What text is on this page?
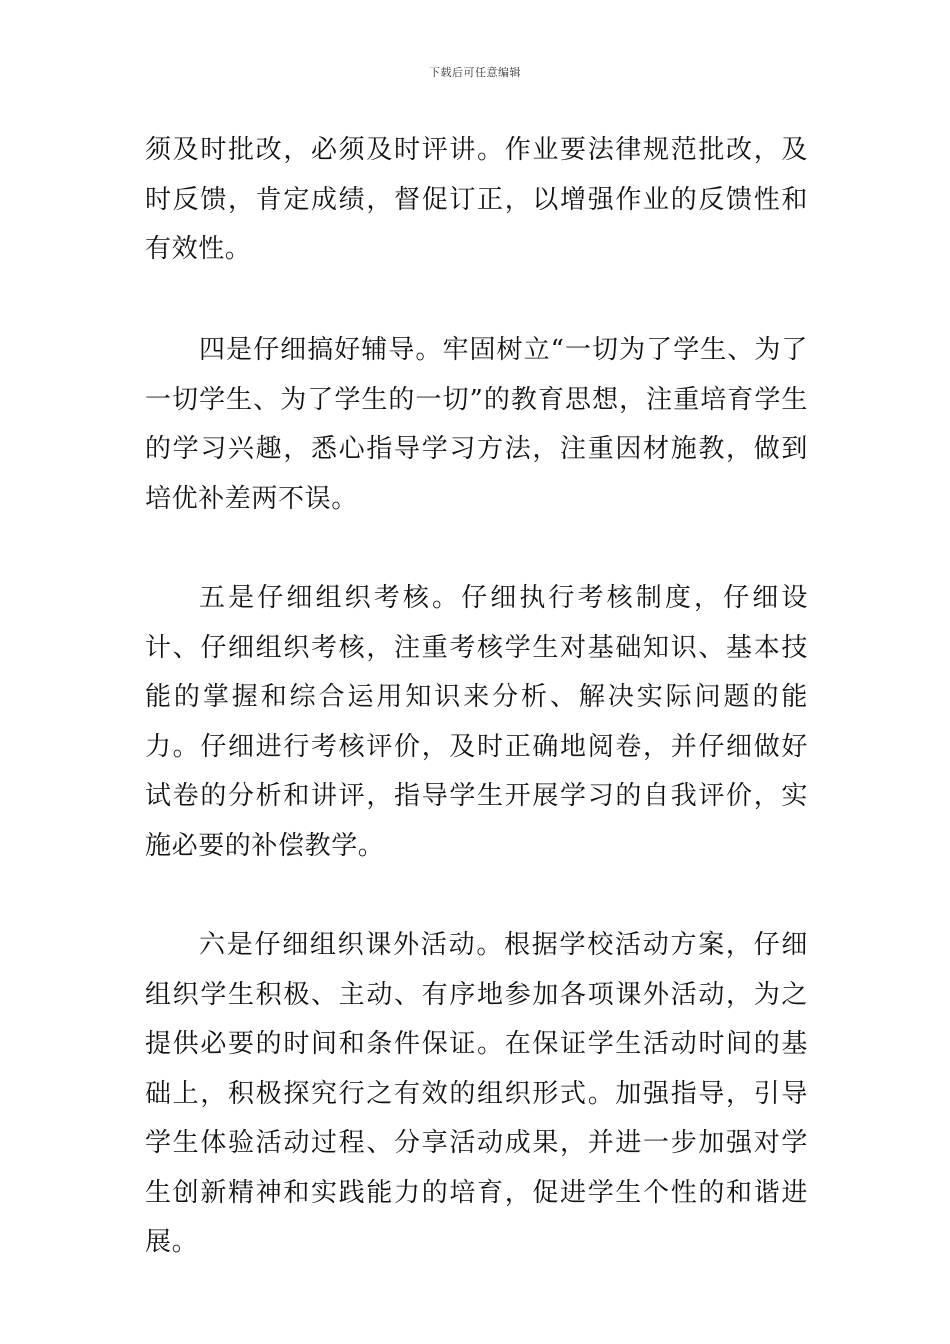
下载后可任意编辑

须及时批改，必须及时评讲。作业要法律规范批改，及时反馈，肯定成绩，督促订正，以增强作业的反馈性和有效性。

四是仔细搞好辅导。牢固树立“一切为了学生、为了一切学生、为了学生的一切”的教育思想，注重培育学生的学习兴趣，悉心指导学习方法，注重因材施教，做到培优补差两不误。

五是仔细组织考核。仔细执行考核制度，仔细设计、仔细组织考核，注重考核学生对基础知识、基本技能的掌握和综合运用知识来分析、解决实际问题的能力。仔细进行考核评价，及时正确地阅卷，并仔细做好试卷的分析和讲评，指导学生开展学习的自我评价，实施必要的补偿教学。

六是仔细组织课外活动。根据学校活动方案，仔细组织学生积极、主动、有序地参加各项课外活动，为之提供必要的时间和条件保证。在保证学生活动时间的基础上，积极探究行之有效的组织形式。加强指导，引导学生体验活动过程、分享活动成果，并进一步加强对学生创新精神和实践能力的培育，促进学生个性的和谐进展。
